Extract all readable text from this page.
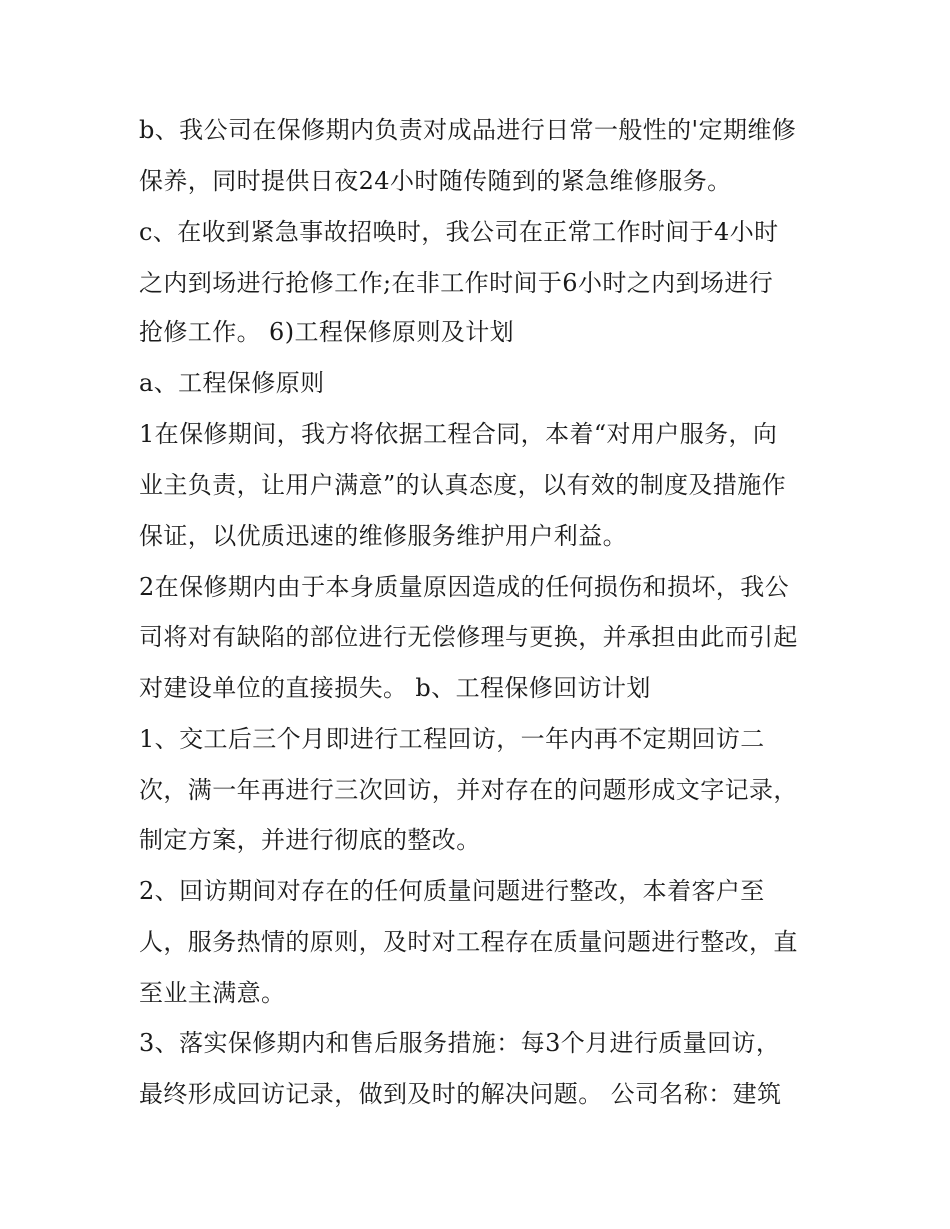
b、我公司在保修期内负责对成品进行日常一般性的'定期维修
保养，同时提供日夜24小时随传随到的紧急维修服务。
c、在收到紧急事故招唤时，我公司在正常工作时间于4小时
之内到场进行抢修工作;在非工作时间于6小时之内到场进行
抢修工作。 6)工程保修原则及计划
a、工程保修原则
1在保修期间，我方将依据工程合同，本着“对用户服务，向
业主负责，让用户满意”的认真态度，以有效的制度及措施作
保证，以优质迅速的维修服务维护用户利益。
2在保修期内由于本身质量原因造成的任何损伤和损坏，我公
司将对有缺陷的部位进行无偿修理与更换，并承担由此而引起
对建设单位的直接损失。 b、工程保修回访计划
1、交工后三个月即进行工程回访，一年内再不定期回访二
次，满一年再进行三次回访，并对存在的问题形成文字记录，
制定方案，并进行彻底的整改。
2、回访期间对存在的任何质量问题进行整改，本着客户至
人，服务热情的原则，及时对工程存在质量问题进行整改，直
至业主满意。
3、落实保修期内和售后服务措施：每3个月进行质量回访，
最终形成回访记录，做到及时的解决问题。 公司名称：建筑
